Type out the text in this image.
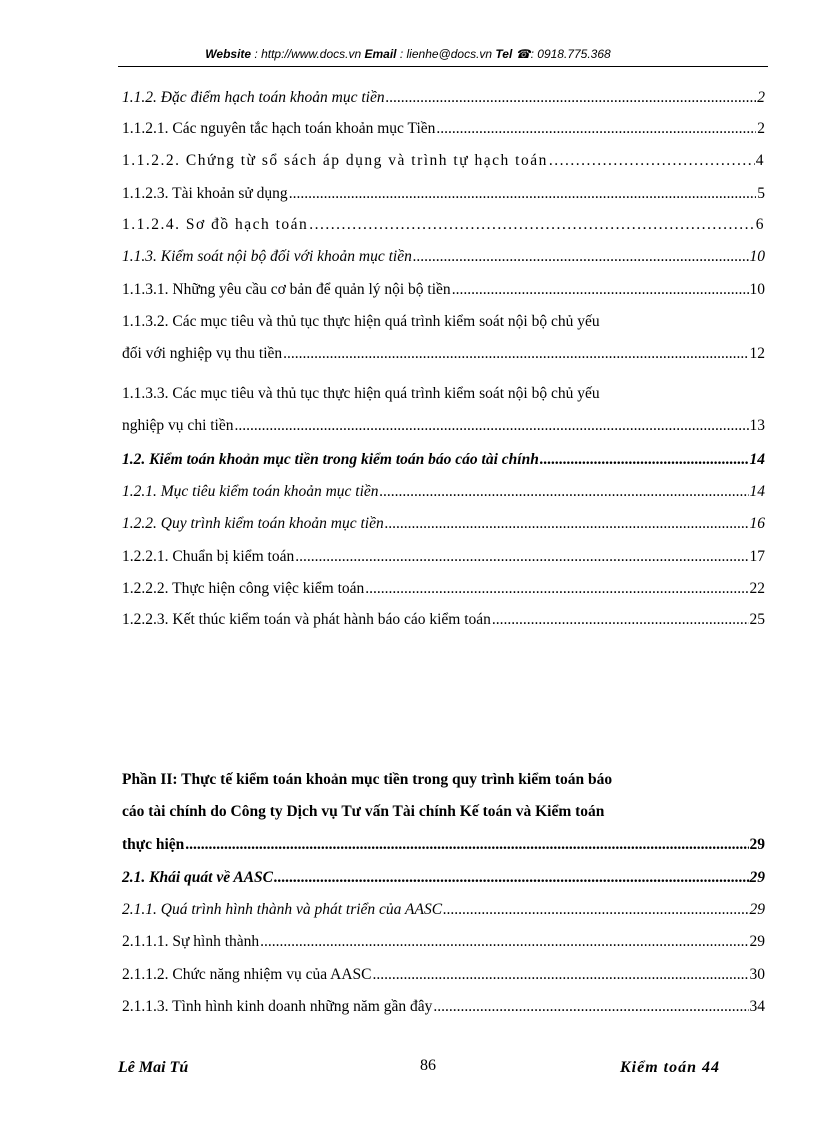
Website : http://www.docs.vn Email : lienhe@docs.vn Tel ☎: 0918.775.368
1.1.2. Đặc điểm hạch toán khoản mục tiền .....	2
1.1.2.1. Các nguyên tắc hạch toán khoản mục Tiền .....	2
1.1.2.2. Chứng từ sổ sách áp dụng và trình tự hạch toán .....	4
1.1.2.3. Tài khoản sử dụng .....	5
1.1.2.4. Sơ đồ hạch toán .....	6
1.1.3. Kiểm soát nội bộ đối với khoản mục tiền .....	10
1.1.3.1. Những yêu cầu cơ bản để quản lý nội bộ tiền .....	10
1.1.3.2. Các mục tiêu và thủ tục thực hiện quá trình kiểm soát nội bộ chủ yếu
đối với nghiệp vụ thu tiền .....	12
1.1.3.3. Các mục tiêu và thủ tục thực hiện quá trình kiểm soát nội bộ chủ yếu
nghiệp vụ chi tiền .....	13
1.2. Kiểm toán khoản mục tiền trong kiểm toán báo cáo tài chính .....	14
1.2.1. Mục tiêu kiểm toán khoản mục tiền .....	14
1.2.2. Quy trình kiểm toán khoản mục tiền .....	16
1.2.2.1. Chuẩn bị kiểm toán .....	17
1.2.2.2. Thực hiện công việc kiểm toán .....	22
1.2.2.3. Kết thúc kiểm toán và phát hành báo cáo kiểm toán .....	25
Phần II: Thực tế kiểm toán khoản mục tiền trong quy trình kiểm toán báo
cáo tài chính do Công ty Dịch vụ Tư vấn Tài chính Kế toán và Kiểm toán
thực hiện .....	29
2.1. Khái quát về AASC .....	29
2.1.1. Quá trình hình thành và phát triển của AASC .....	29
2.1.1.1. Sự hình thành .....	29
2.1.1.2. Chức năng nhiệm vụ của AASC .....	30
2.1.1.3. Tình hình kinh doanh những năm gần đây .....	34
Lê Mai Tú	86	Kiểm toán 44
